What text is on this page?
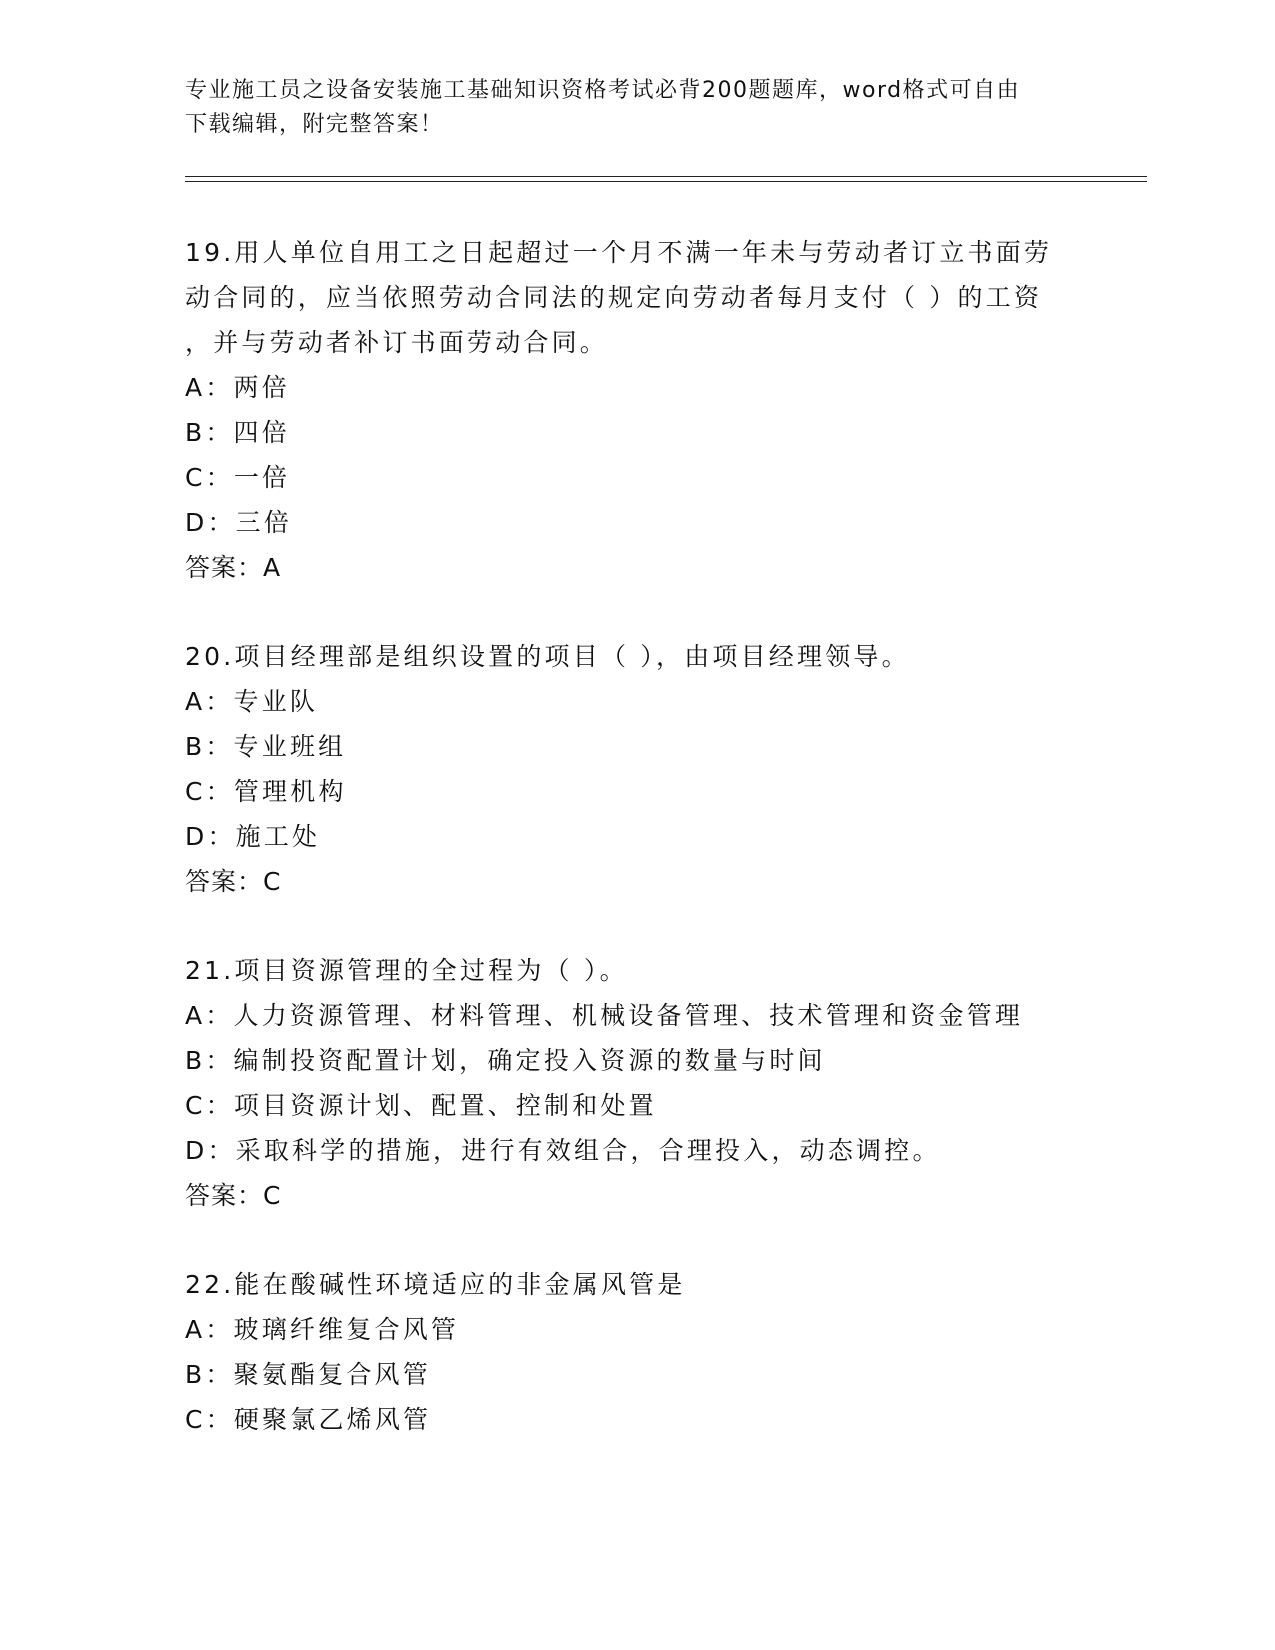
专业施工员之设备安装施工基础知识资格考试必背200题题库，word格式可自由
下载编辑，附完整答案！
19.用人单位自用工之日起超过一个月不满一年未与劳动者订立书面劳
动合同的，应当依照劳动合同法的规定向劳动者每月支付（ ）的工资
，并与劳动者补订书面劳动合同。
A：两倍
B：四倍
C：一倍
D：三倍
答案：A
20.项目经理部是组织设置的项目（ ），由项目经理领导。
A：专业队
B：专业班组
C：管理机构
D：施工处
答案：C
21.项目资源管理的全过程为（ ）。
A：人力资源管理、材料管理、机械设备管理、技术管理和资金管理
B：编制投资配置计划，确定投入资源的数量与时间
C：项目资源计划、配置、控制和处置
D：采取科学的措施，进行有效组合，合理投入，动态调控。
答案：C
22.能在酸碱性环境适应的非金属风管是
A：玻璃纤维复合风管
B：聚氨酯复合风管
C：硬聚氯乙烯风管
